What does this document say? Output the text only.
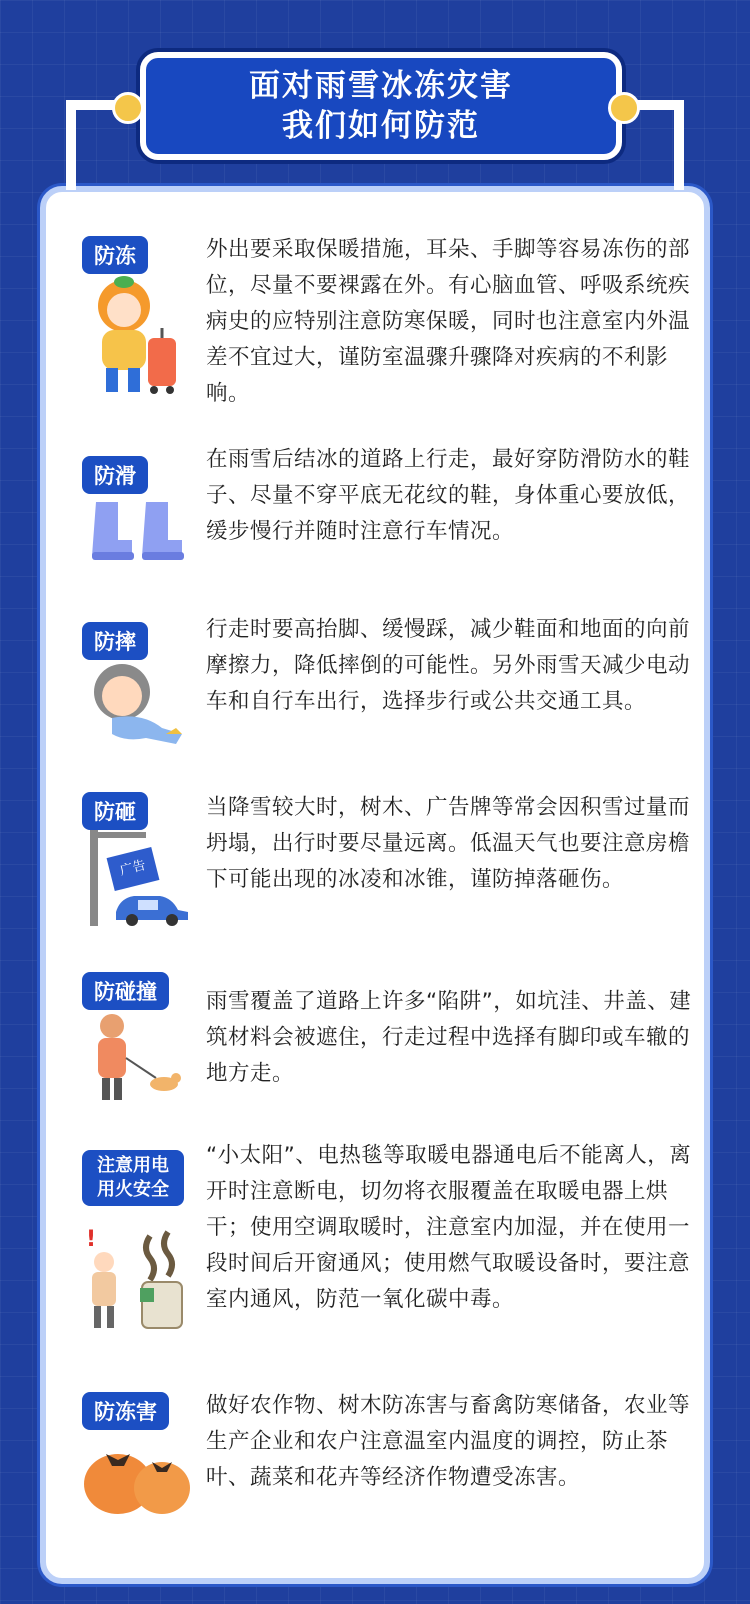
面对雨雪冰冻灾害
我们如何防范
防冻	外出要采取保暖措施，耳朵、手脚等容易冻伤的部位，尽量不要裸露在外。有心脑血管、呼吸系统疾病史的应特别注意防寒保暖，同时也注意室内外温差不宜过大，谨防室温骤升骤降对疾病的不利影响。
防滑
在雨雪后结冰的道路上行走，最好穿防滑防水的鞋子、尽量不穿平底无花纹的鞋，身体重心要放低，缓步慢行并随时注意行车情况。
防摔	行走时要高抬脚、缓慢踩，减少鞋面和地面的向前摩擦力，降低摔倒的可能性。另外雨雪天减少电动车和自行车出行，选择步行或公共交通工具。
防砸
广告
当降雪较大时，树木、广告牌等常会因积雪过量而坍塌，出行时要尽量远离。低温天气也要注意房檐下可能出现的冰凌和冰锥，谨防掉落砸伤。
防碰撞	雨雪覆盖了道路上许多“陷阱”，如坑洼、井盖、建筑材料会被遮住，行走过程中选择有脚印或车辙的地方走。
注意用电用火安全
!
“小太阳”、电热毯等取暖电器通电后不能离人，离开时注意断电，切勿将衣服覆盖在取暖电器上烘干；使用空调取暖时，注意室内加湿，并在使用一段时间后开窗通风；使用燃气取暖设备时，要注意室内通风，防范一氧化碳中毒。
防冻害	做好农作物、树木防冻害与畜禽防寒储备，农业等生产企业和农户注意温室内温度的调控，防止茶叶、蔬菜和花卉等经济作物遭受冻害。
